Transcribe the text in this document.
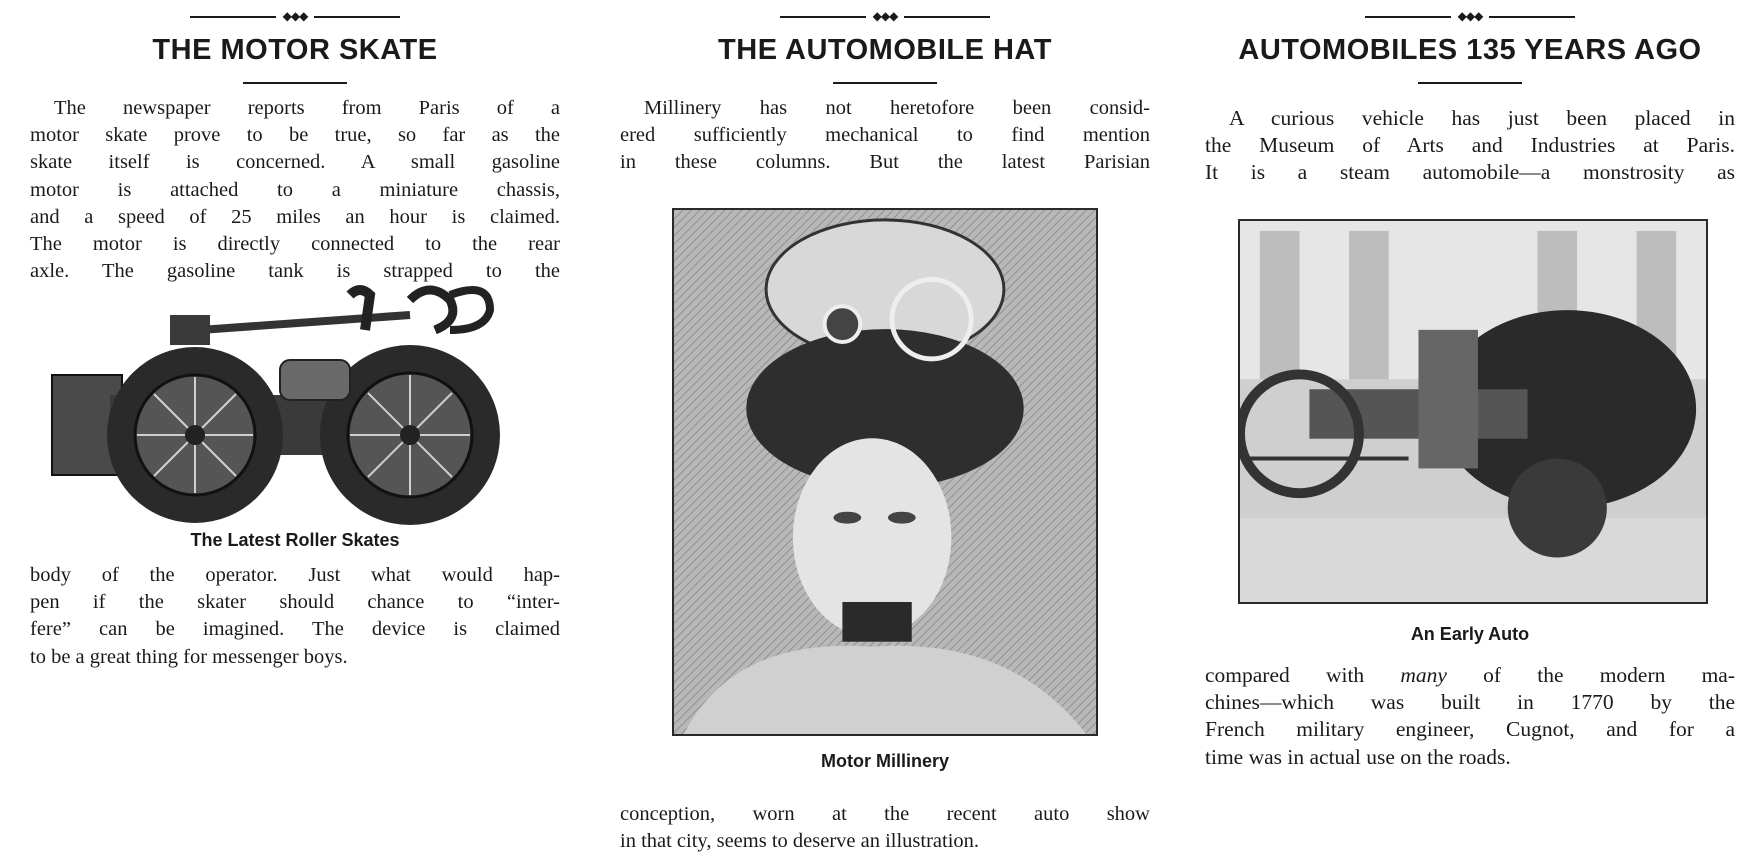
◆◆◆
THE MOTOR SKATE
The newspaper reports from Paris of a
motor skate prove to be true, so far as the
skate itself is concerned. A small gasoline
motor is attached to a miniature chassis,
and a speed of 25 miles an hour is claimed.
The motor is directly connected to the rear
axle. The gasoline tank is strapped to the

The Latest Roller Skates

body of the operator. Just what would hap-
pen if the skater should chance to “inter-
fere” can be imagined. The device is claimed
to be a great thing for messenger boys.
◆◆◆
THE AUTOMOBILE HAT
Millinery has not heretofore been consid-
ered sufficiently mechanical to find mention
in these columns. But the latest Parisian

Motor Millinery

conception, worn at the recent auto show
in that city, seems to deserve an illustration.
◆◆◆
AUTOMOBILES 135 YEARS AGO
A curious vehicle has just been placed in
the Museum of Arts and Industries at Paris.
It is a steam automobile—a monstrosity as

An Early Auto

compared with many of the modern ma-
chines—which was built in 1770 by the
French military engineer, Cugnot, and for a
time was in actual use on the roads.
